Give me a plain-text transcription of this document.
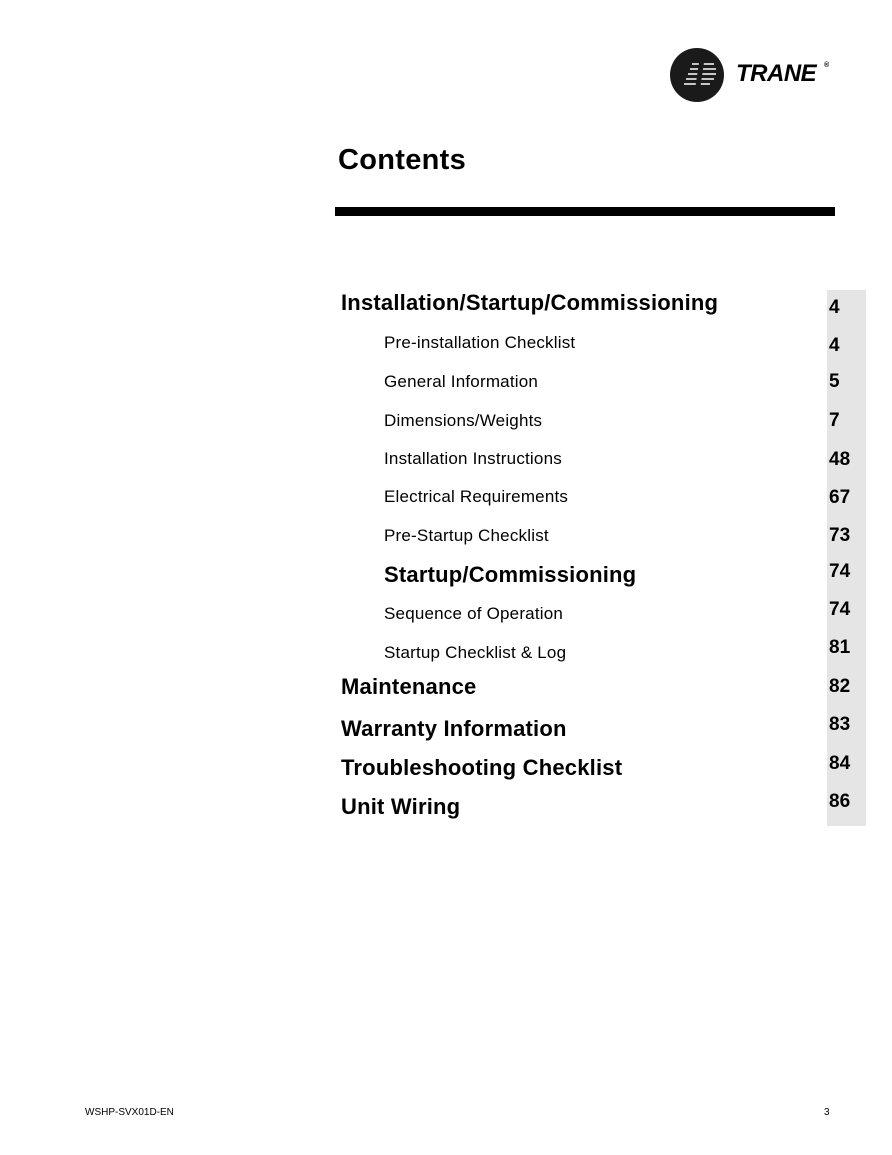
TRANE ®
Contents
Installation/Startup/Commissioning	4
Pre-installation Checklist	4
General Information	5
Dimensions/Weights	7
Installation Instructions	48
Electrical Requirements	67
Pre-Startup Checklist	73
Startup/Commissioning	74
Sequence of Operation	74
Startup Checklist & Log	81
Maintenance	82
Warranty Information	83
Troubleshooting Checklist	84
Unit Wiring	86
WSHP-SVX01D-EN	3
